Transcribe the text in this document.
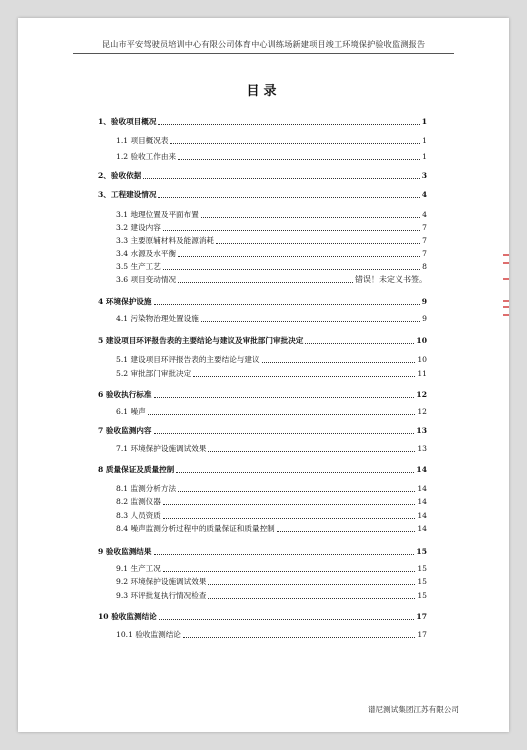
昆山市平安驾驶员培训中心有限公司体育中心训练场新建项目竣工环境保护验收监测报告
目录
1、验收项目概况	1
1.1 项目概况表	1
1.2 验收工作由来	1
2、验收依据	3
3、工程建设情况	4
3.1 地理位置及平面布置	4
3.2 建设内容	7
3.3 主要原辅材料及能源消耗	7
3.4 水源及水平衡	7
3.5 生产工艺	8
3.6 项目变动情况	错误！未定义书签。
4 环境保护设施	9
4.1 污染物治理处置设施	9
5 建设项目环评报告表的主要结论与建议及审批部门审批决定	10
5.1 建设项目环评报告表的主要结论与建议	10
5.2 审批部门审批决定	11
6 验收执行标准	12
6.1 噪声	12
7 验收监测内容	13
7.1 环境保护设施调试效果	13
8 质量保证及质量控制	14
8.1 监测分析方法	14
8.2 监测仪器	14
8.3 人员资质	14
8.4 噪声监测分析过程中的质量保证和质量控制	14
9 验收监测结果	15
9.1 生产工况	15
9.2 环境保护设施调试效果	15
9.3 环评批复执行情况检查	15
10 验收监测结论	17
10.1 验收监测结论	17
谱尼测试集团江苏有限公司
